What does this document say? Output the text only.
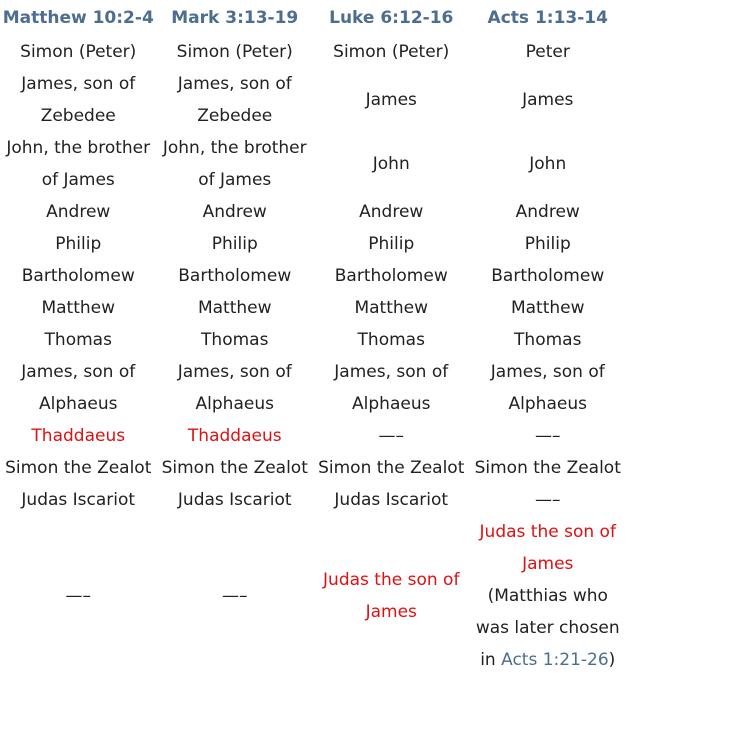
Matthew 10:2-4	Mark 3:13-19	Luke 6:12-16	Acts 1:13-14
Simon (Peter)	Simon (Peter)	Simon (Peter)	Peter
James, son of Zebedee	James, son of Zebedee	James	James
John, the brother of James	John, the brother of James	John	John
Andrew	Andrew	Andrew	Andrew
Philip	Philip	Philip	Philip
Bartholomew	Bartholomew	Bartholomew	Bartholomew
Matthew	Matthew	Matthew	Matthew
Thomas	Thomas	Thomas	Thomas
James, son of Alphaeus	James, son of Alphaeus	James, son of Alphaeus	James, son of Alphaeus
Thaddaeus	Thaddaeus	—–	—–
Simon the Zealot	Simon the Zealot	Simon the Zealot	Simon the Zealot
Judas Iscariot	Judas Iscariot	Judas Iscariot	—–
—–	—–	Judas the son of James	Judas the son of James
(Matthias who was later chosen in Acts 1:21-26)
